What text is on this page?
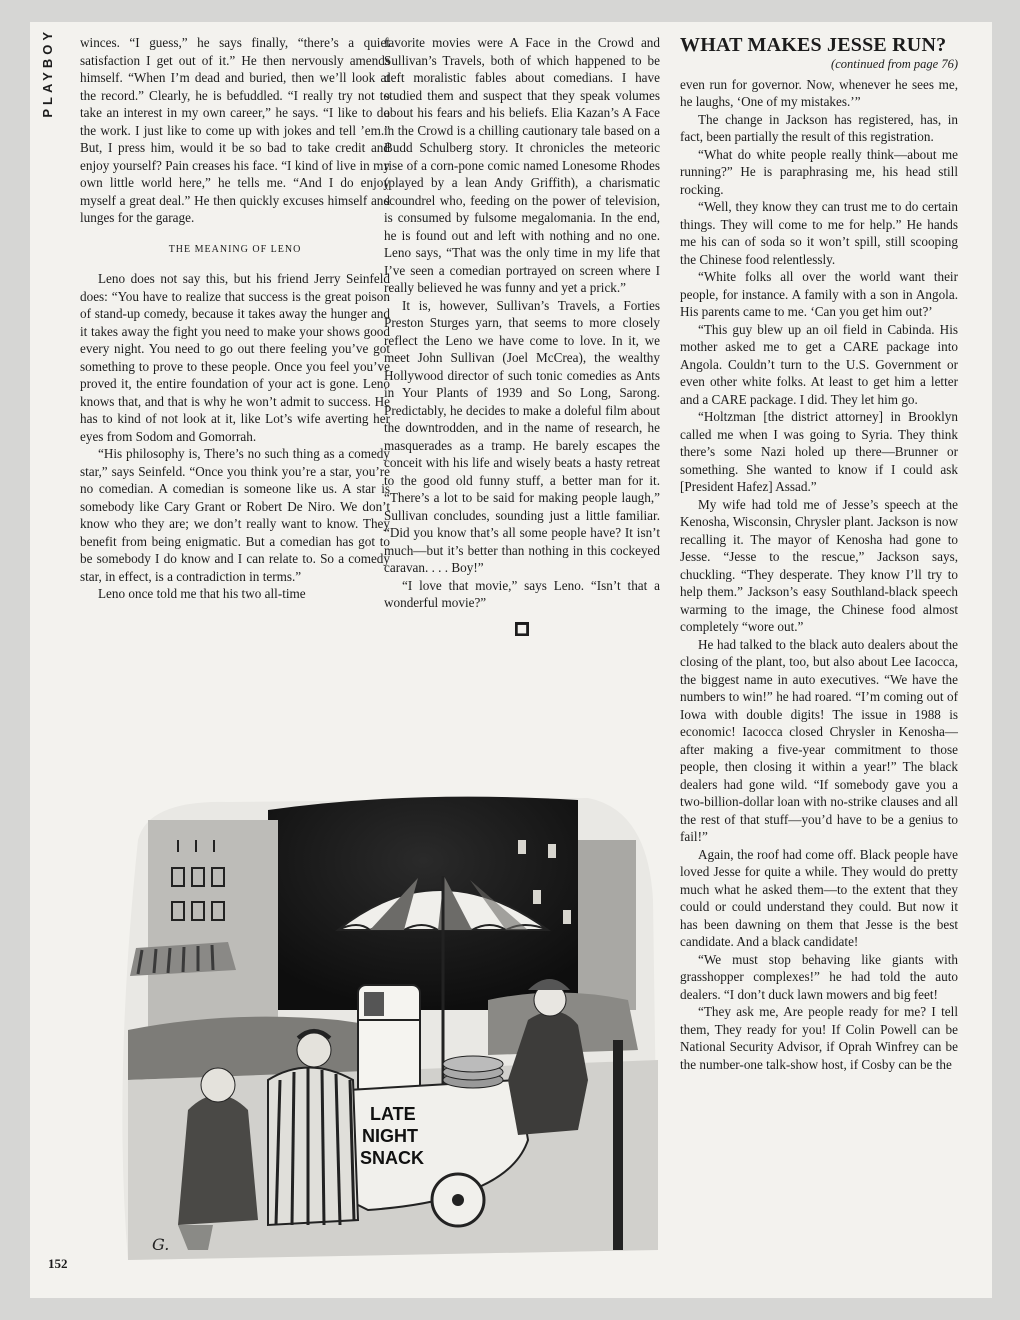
PLAYBOY	winces. “I guess,” he says finally, “there’s a quiet satisfaction I get out of it.” He then nervously amends himself. “When I’m dead and buried, then we’ll look at the record.” Clearly, he is befuddled. “I really try not to take an interest in my own career,” he says. “I like to do the work. I just like to come up with jokes and tell ’em.” But, I press him, would it be so bad to take credit and enjoy yourself? Pain creases his face. “I kind of live in my own little world here,” he tells me. “And I do enjoy myself a great deal.” He then quickly excuses himself and lunges for the garage.

THE MEANING OF LENO

Leno does not say this, but his friend Jerry Seinfeld does: “You have to realize that success is the great poison of stand-up comedy, because it takes away the hunger and it takes away the fight you need to make your shows good every night. You need to go out there feeling you’ve got something to prove to these people. Once you feel you’ve proved it, the entire foundation of your act is gone. Leno knows that, and that is why he won’t admit to success. He has to kind of not look at it, like Lot’s wife averting her eyes from Sodom and Gomorrah.

“His philosophy is, There’s no such thing as a comedy star,” says Seinfeld. “Once you think you’re a star, you’re no comedian. A comedian is someone like us. A star is somebody like Cary Grant or Robert De Niro. We don’t know who they are; we don’t really want to know. They benefit from being enigmatic. But a comedian has got to be somebody I do know and I can relate to. So a comedy star, in effect, is a contradiction in terms.”

Leno once told me that his two all-time

favorite movies were A Face in the Crowd and Sullivan’s Travels, both of which happened to be deft moralistic fables about comedians. I have studied them and suspect that they speak volumes about his fears and his beliefs. Elia Kazan’s A Face in the Crowd is a chilling cautionary tale based on a Budd Schulberg story. It chronicles the meteoric rise of a corn-pone comic named Lonesome Rhodes (played by a lean Andy Griffith), a charismatic scoundrel who, feeding on the power of television, is consumed by fulsome megalomania. In the end, he is found out and left with nothing and no one. Leno says, “That was the only time in my life that I’ve seen a comedian portrayed on screen where I really believed he was funny and yet a prick.”

It is, however, Sullivan’s Travels, a Forties Preston Sturges yarn, that seems to more closely reflect the Leno we have come to love. In it, we meet John Sullivan (Joel McCrea), the wealthy Hollywood director of such tonic comedies as Ants in Your Plants of 1939 and So Long, Sarong. Predictably, he decides to make a doleful film about the downtrodden, and in the name of research, he masquerades as a tramp. He barely escapes the conceit with his life and wisely beats a hasty retreat to the good old funny stuff, a better man for it. “There’s a lot to be said for making people laugh,” Sullivan concludes, sounding just a little familiar. “Did you know that’s all some people have? It isn’t much—but it’s better than nothing in this cockeyed caravan. . . . Boy!”

“I love that movie,” says Leno. “Isn’t that a wonderful movie?”

■
WHAT MAKES JESSE RUN?
(continued from page 76)

even run for governor. Now, whenever he sees me, he laughs, ‘One of my mistakes.’”

The change in Jackson has registered, has, in fact, been partially the result of this registration.

“What do white people really think—about me running?” He is paraphrasing me, his head still rocking.

“Well, they know they can trust me to do certain things. They will come to me for help.” He hands me his can of soda so it won’t spill, still scooping the Chinese food relentlessly.

“White folks all over the world want their people, for instance. A family with a son in Angola. His parents came to me. ‘Can you get him out?’

“This guy blew up an oil field in Cabinda. His mother asked me to get a CARE package into Angola. Couldn’t turn to the U.S. Government or even other white folks. At least to get him a letter and a CARE package. I did. They let him go.

“Holtzman [the district attorney] in Brooklyn called me when I was going to Syria. They think there’s some Nazi holed up there—Brunner or something. She wanted to know if I could ask [President Hafez] Assad.”

My wife had told me of Jesse’s speech at the Kenosha, Wisconsin, Chrysler plant. Jackson is now recalling it. The mayor of Kenosha had gone to Jesse. “Jesse to the rescue,” Jackson says, chuckling. “They desperate. They know I’ll try to help them.” Jackson’s easy Southland-black speech warming to the image, the Chinese food almost completely “wore out.”

He had talked to the black auto dealers about the closing of the plant, too, but also about Lee Iacocca, the biggest name in auto executives. “We have the numbers to win!” he had roared. “I’m coming out of Iowa with double digits! The issue in 1988 is economic! Iacocca closed Chrysler in Kenosha—after making a five-year commitment to those people, then closing it within a year!” The black dealers had gone wild. “If somebody gave you a two-billion-dollar loan with no-strike clauses and all the rest of that stuff—you’d have to be a genius to fail!”

Again, the roof had come off. Black people have loved Jesse for quite a while. They would do pretty much what he asked them—to the extent that they could or could understand they could. But now it has been dawning on them that Jesse is the best candidate. And a black candidate!

“We must stop behaving like giants with grasshopper complexes!” he had told the auto dealers. “I don’t duck lawn mowers and big feet!

“They ask me, Are people ready for me? I tell them, They ready for you! If Colin Powell can be National Security Advisor, if Oprah Winfrey can be the number-one talk-show host, if Cosby can be the

LATE
NIGHT
SNACK
G.
152
